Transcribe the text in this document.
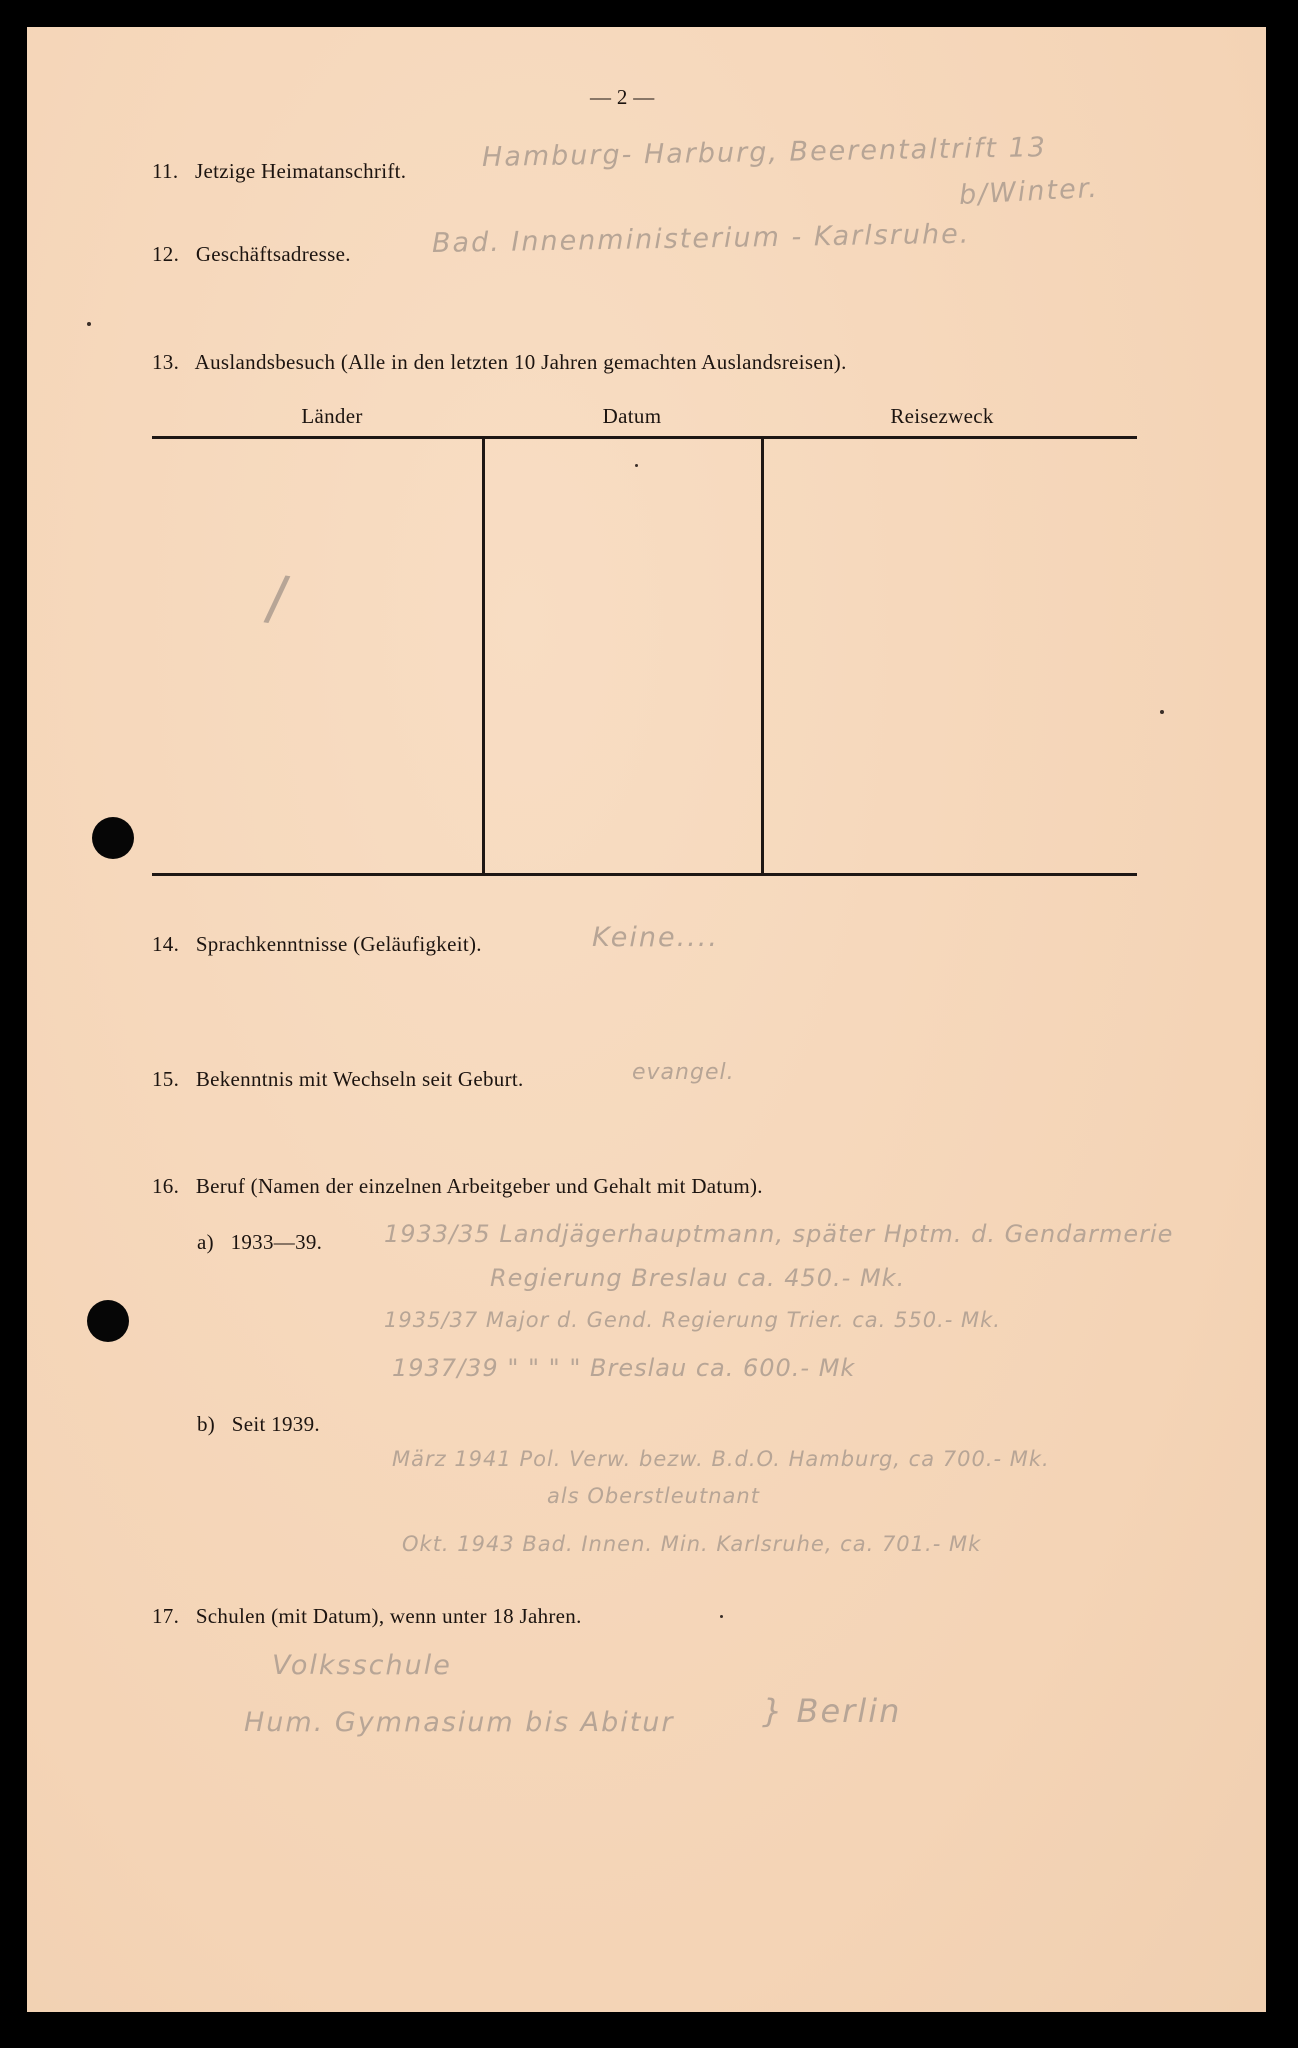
— 2 —
11. Jetzige Heimatanschrift.	Hamburg- Harburg, Beerentaltrift 13
b/Winter.
12. Geschäftsadresse.	Bad. Innenministerium - Karlsruhe.
13. Auslandsbesuch (Alle in den letzten 10 Jahren gemachten Auslandsreisen).
Länder	Datum	Reisezweck
/
14. Sprachkenntnisse (Geläufigkeit).	Keine....
15. Bekenntnis mit Wechseln seit Geburt.	evangel.
16. Beruf (Namen der einzelnen Arbeitgeber und Gehalt mit Datum).
a) 1933—39.	1933/35 Landjägerhauptmann, später Hptm. d. Gendarmerie
Regierung Breslau ca. 450.- Mk.
1935/37 Major d. Gend. Regierung Trier. ca. 550.- Mk.
1937/39 " " " " Breslau ca. 600.- Mk
b) Seit 1939.
März 1941 Pol. Verw. bezw. B.d.O. Hamburg, ca 700.- Mk.
als Oberstleutnant
Okt. 1943 Bad. Innen. Min. Karlsruhe, ca. 701.- Mk
17. Schulen (mit Datum), wenn unter 18 Jahren.
Volksschule
Hum. Gymnasium bis Abitur	} Berlin
